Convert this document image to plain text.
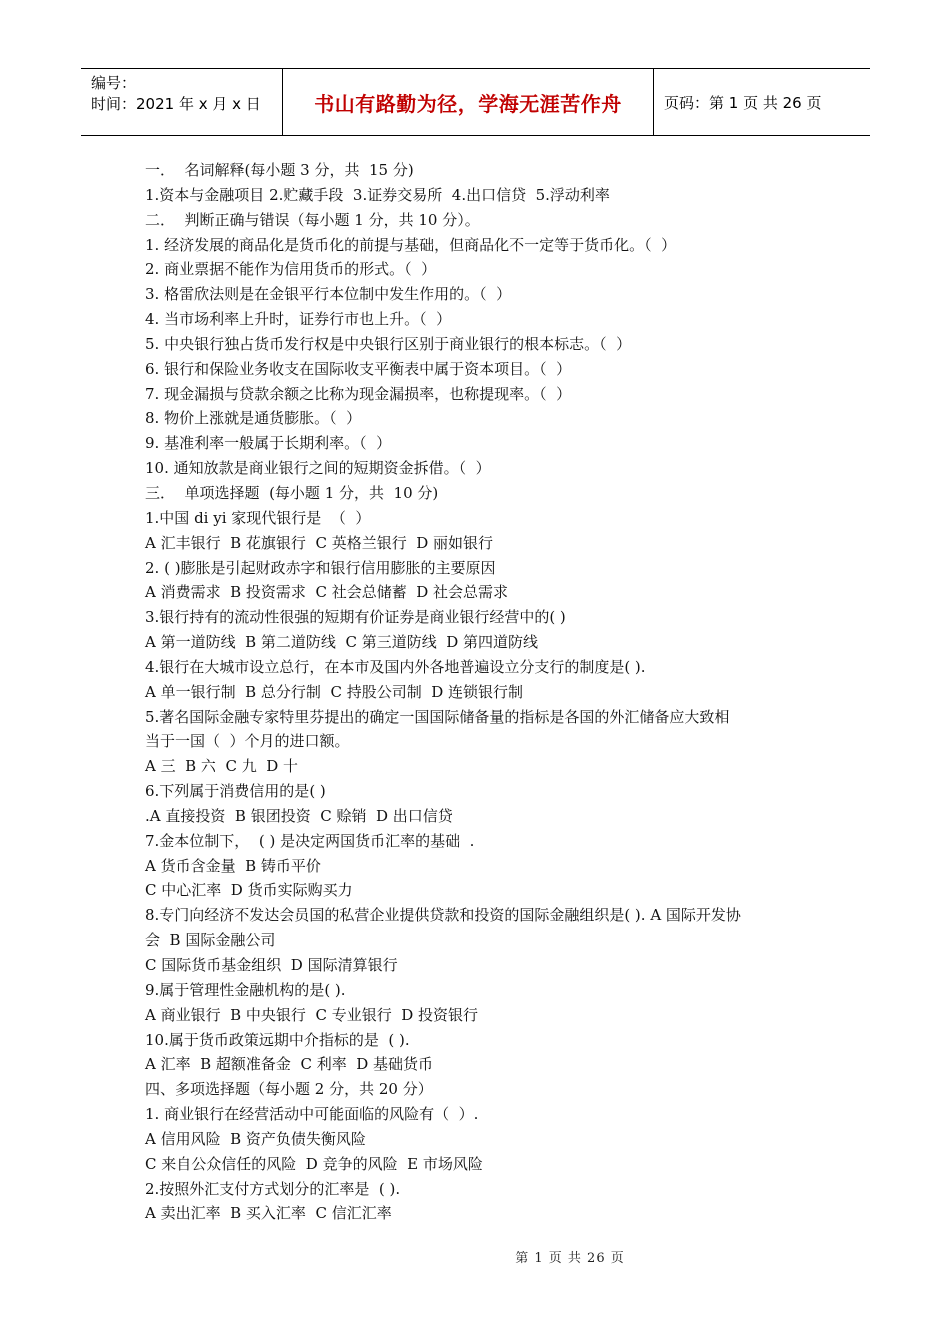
编号：
时间：2021 年 x 月 x 日	书山有路勤为径，学海无涯苦作舟	页码：第 1 页 共 26 页
一．  名词解释(每小题 3 分，共  15 分)
1.资本与金融项目 2.贮藏手段  3.证券交易所  4.出口信贷  5.浮动利率
二．  判断正确与错误（每小题 1 分，共 10 分）。
1. 经济发展的商品化是货币化的前提与基础，但商品化不一定等于货币化。（  ）
2. 商业票据不能作为信用货币的形式。（  ）
3. 格雷欣法则是在金银平行本位制中发生作用的。（  ）
4. 当市场利率上升时，证券行市也上升。（  ）
5. 中央银行独占货币发行权是中央银行区别于商业银行的根本标志。（  ）
6. 银行和保险业务收支在国际收支平衡表中属于资本项目。（  ）
7. 现金漏损与贷款余额之比称为现金漏损率，也称提现率。（  ）
8. 物价上涨就是通货膨胀。（  ）
9. 基准利率一般属于长期利率。（  ）
10. 通知放款是商业银行之间的短期资金拆借。（  ）
三．  单项选择题  (每小题 1 分，共  10 分)
1.中国 di yi 家现代银行是  （  ）
A 汇丰银行  B 花旗银行  C 英格兰银行  D 丽如银行
2. ( )膨胀是引起财政赤字和银行信用膨胀的主要原因
A 消费需求  B 投资需求  C 社会总储蓄  D 社会总需求
3.银行持有的流动性很强的短期有价证券是商业银行经营中的( )
A 第一道防线  B 第二道防线  C 第三道防线  D 第四道防线
4.银行在大城市设立总行，在本市及国内外各地普遍设立分支行的制度是( ).
A 单一银行制  B 总分行制  C 持股公司制  D 连锁银行制
5.著名国际金融专家特里芬提出的确定一国国际储备量的指标是各国的外汇储备应大致相
当于一国（  ）个月的进口额。
A 三  B 六  C 九  D 十
6.下列属于消费信用的是( )
.A 直接投资  B 银团投资  C 赊销  D 出口信贷
7.金本位制下，  ( ) 是决定两国货币汇率的基础  .
A 货币含金量  B 铸币平价
C 中心汇率  D 货币实际购买力
8.专门向经济不发达会员国的私营企业提供贷款和投资的国际金融组织是( ). A 国际开发协
会  B 国际金融公司
C 国际货币基金组织  D 国际清算银行
9.属于管理性金融机构的是( ).
A 商业银行  B 中央银行  C 专业银行  D 投资银行
10.属于货币政策远期中介指标的是  ( ).
A 汇率  B 超额准备金  C 利率  D 基础货币
四、多项选择题（每小题 2 分，共 20 分）
1. 商业银行在经营活动中可能面临的风险有（  ）.
A 信用风险  B 资产负债失衡风险
C 来自公众信任的风险  D 竞争的风险  E 市场风险
2.按照外汇支付方式划分的汇率是  ( ).
A 卖出汇率  B 买入汇率  C 信汇汇率
第 1 页 共 26 页
